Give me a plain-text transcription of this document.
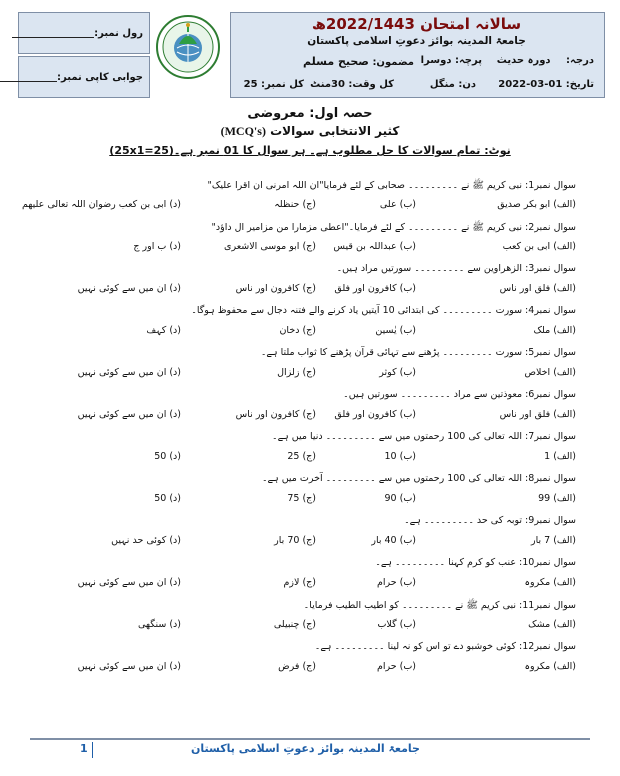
رول نمبر:
جوابی کاپی نمبر:
سالانہ امتحان 2022/1443ھ
جامعۃ المدینہ بوائز دعوتِ اسلامی پاکستان
درجہ: دورہ حدیث
پرچہ: دوسرا
مضمون: صحیح مسلم
تاریخ: 01-03-2022
دن: منگل
کل وقت: 30منٹ
کل نمبر: 25
حصہ اول: معروضی
کثیر الانتخابی سوالات (MCQ's)
نوٹ: تمام سوالات کا حل مطلوب ہے۔ ہر سوال کا 01 نمبر ہے۔(25x1=25)
سوال نمبر1: نبی کریم ﷺ نے ۔۔۔۔۔۔۔۔۔ صحابی کے لئے فرمایا"ان اللہ امرنی ان اقرا علیک"
(الف) ابو بکر صدیق
(ب) علی
(ج) حنظلہ
(د) ابی بن کعب رضوان اللہ تعالی علیھم
سوال نمبر2: نبی کریم ﷺ نے ۔۔۔۔۔۔۔۔۔ کے لئے فرمایا۔"اعطی مزمارا من مزامیر ال داؤد"
(الف) ابی بن کعب
(ب) عبداللہ بن قیس
(ج) ابو موسی الاشعری
(د) ب اور ج
سوال نمبر3: الزھراوین سے ۔۔۔۔۔۔۔۔۔ سورتیں مراد ہیں۔
(الف) فلق اور ناس
(ب) کافرون اور فلق
(ج) کافرون اور ناس
(د) ان میں سے کوئی نہیں
سوال نمبر4: سورت ۔۔۔۔۔۔۔۔۔ کی ابتدائی 10 آیتیں یاد کرنے والے فتنہ دجال سے محفوظ ہوگا۔
(الف) ملک
(ب) یٰسین
(ج) دخان
(د) کہف
سوال نمبر5: سورت ۔۔۔۔۔۔۔۔۔ پڑھنے سے تہائی قرآن پڑھنے کا ثواب ملتا ہے۔
(الف) اخلاص
(ب) کوثر
(ج) زلزال
(د) ان میں سے کوئی نہیں
سوال نمبر6: معوذتین سے مراد ۔۔۔۔۔۔۔۔۔ سورتیں ہیں۔
(الف) فلق اور ناس
(ب) کافرون اور فلق
(ج) کافرون اور ناس
(د) ان میں سے کوئی نہیں
سوال نمبر7: اللہ تعالی کی 100 رحمتوں میں سے ۔۔۔۔۔۔۔۔۔ دنیا میں ہے۔
(الف) 1
(ب) 10
(ج) 25
(د) 50
سوال نمبر8: اللہ تعالی کی 100 رحمتوں میں سے ۔۔۔۔۔۔۔۔۔ آخرت میں ہے۔
(الف) 99
(ب) 90
(ج) 75
(د) 50
سوال نمبر9: توبہ کی حد ۔۔۔۔۔۔۔۔۔ ہے۔
(الف) 7 بار
(ب) 40 بار
(ج) 70 بار
(د) کوئی حد نہیں
سوال نمبر10: عنب کو کرم کہنا ۔۔۔۔۔۔۔۔۔ ہے۔
(الف) مکروہ
(ب) حرام
(ج) لازم
(د) ان میں سے کوئی نہیں
سوال نمبر11: نبی کریم ﷺ نے ۔۔۔۔۔۔۔۔۔ کو اطیب الطیب فرمایا۔
(الف) مشک
(ب) گلاب
(ج) چنبیلی
(د) سنگھی
سوال نمبر12: کوئی خوشبو دے تو اس کو نہ لینا ۔۔۔۔۔۔۔۔۔ ہے۔
(الف) مکروہ
(ب) حرام
(ج) فرض
(د) ان میں سے کوئی نہیں
1	جامعۃ المدینہ بوائز دعوتِ اسلامی پاکستان
